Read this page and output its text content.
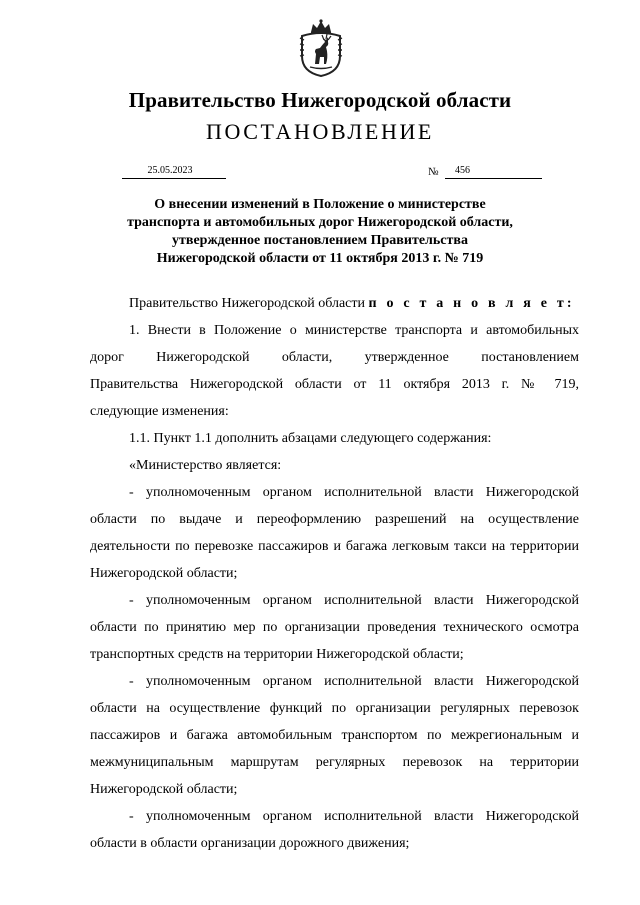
Правительство Нижегородской области
ПОСТАНОВЛЕНИЕ
25.05.2023	№	456
О внесении изменений в Положение о министерстве
транспорта и автомобильных дорог Нижегородской области,
утвержденное постановлением Правительства
Нижегородской области от 11 октября 2013 г. № 719
Правительство Нижегородской области п о с т а н о в л я е т:
1. Внести в Положение о министерстве транспорта и автомобильных
дорог Нижегородской области, утвержденное постановлением
Правительства Нижегородской области от 11 октября 2013 г. № 719,
следующие изменения:
1.1. Пункт 1.1 дополнить абзацами следующего содержания:
«Министерство является:
- уполномоченным органом исполнительной власти Нижегородской области по выдаче и переоформлению разрешений на осуществление деятельности по перевозке пассажиров и багажа легковым такси на территории Нижегородской области;
- уполномоченным органом исполнительной власти Нижегородской области по принятию мер по организации проведения технического осмотра транспортных средств на территории Нижегородской области;
- уполномоченным органом исполнительной власти Нижегородской области на осуществление функций по организации регулярных перевозок пассажиров и багажа автомобильным транспортом по межрегиональным и межмуниципальным маршрутам регулярных перевозок на территории Нижегородской области;
- уполномоченным органом исполнительной власти Нижегородской области в области организации дорожного движения;
